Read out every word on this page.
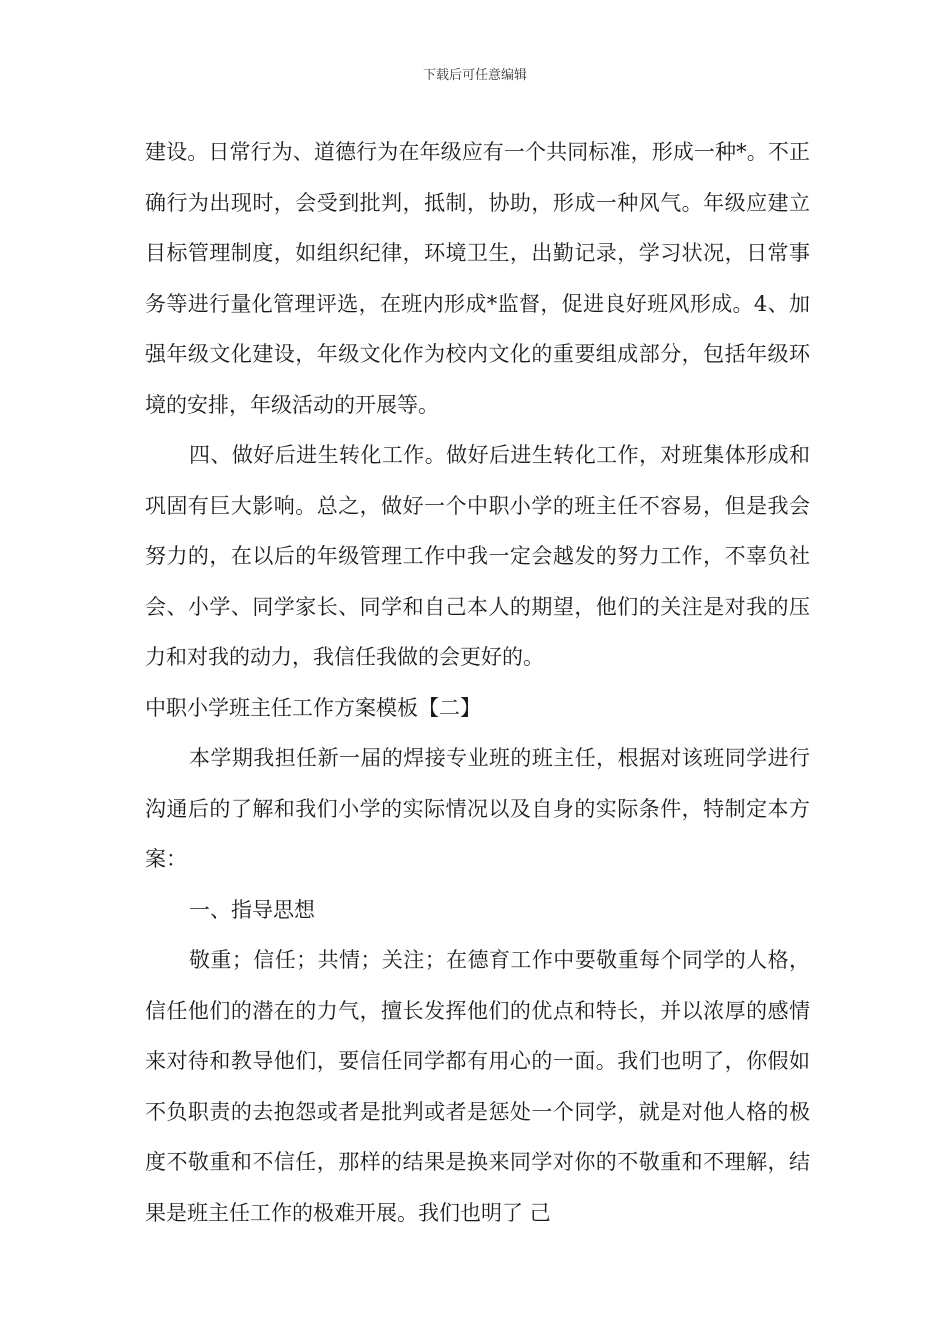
下载后可任意编辑

建设。日常行为、道德行为在年级应有一个共同标准，形成一种*。不正确行为出现时，会受到批判，抵制，协助，形成一种风气。年级应建立目标管理制度，如组织纪律，环境卫生，出勤记录，学习状况，日常事务等进行量化管理评选，在班内形成*监督，促进良好班风形成。4、加强年级文化建设，年级文化作为校内文化的重要组成部分，包括年级环境的安排，年级活动的开展等。

四、做好后进生转化工作。做好后进生转化工作，对班集体形成和巩固有巨大影响。总之，做好一个中职小学的班主任不容易，但是我会努力的，在以后的年级管理工作中我一定会越发的努力工作，不辜负社会、小学、同学家长、同学和自己本人的期望，他们的关注是对我的压力和对我的动力，我信任我做的会更好的。

中职小学班主任工作方案模板【二】

本学期我担任新一届的焊接专业班的班主任，根据对该班同学进行沟通后的了解和我们小学的实际情况以及自身的实际条件，特制定本方案：

一、指导思想

敬重；信任；共情；关注；在德育工作中要敬重每个同学的人格，信任他们的潜在的力气，擅长发挥他们的优点和特长，并以浓厚的感情来对待和教导他们，要信任同学都有用心的一面。我们也明了，你假如不负职责的去抱怨或者是批判或者是惩处一个同学，就是对他人格的极度不敬重和不信任，那样的结果是换来同学对你的不敬重和不理解，结果是班主任工作的极难开展。我们也明了 己
